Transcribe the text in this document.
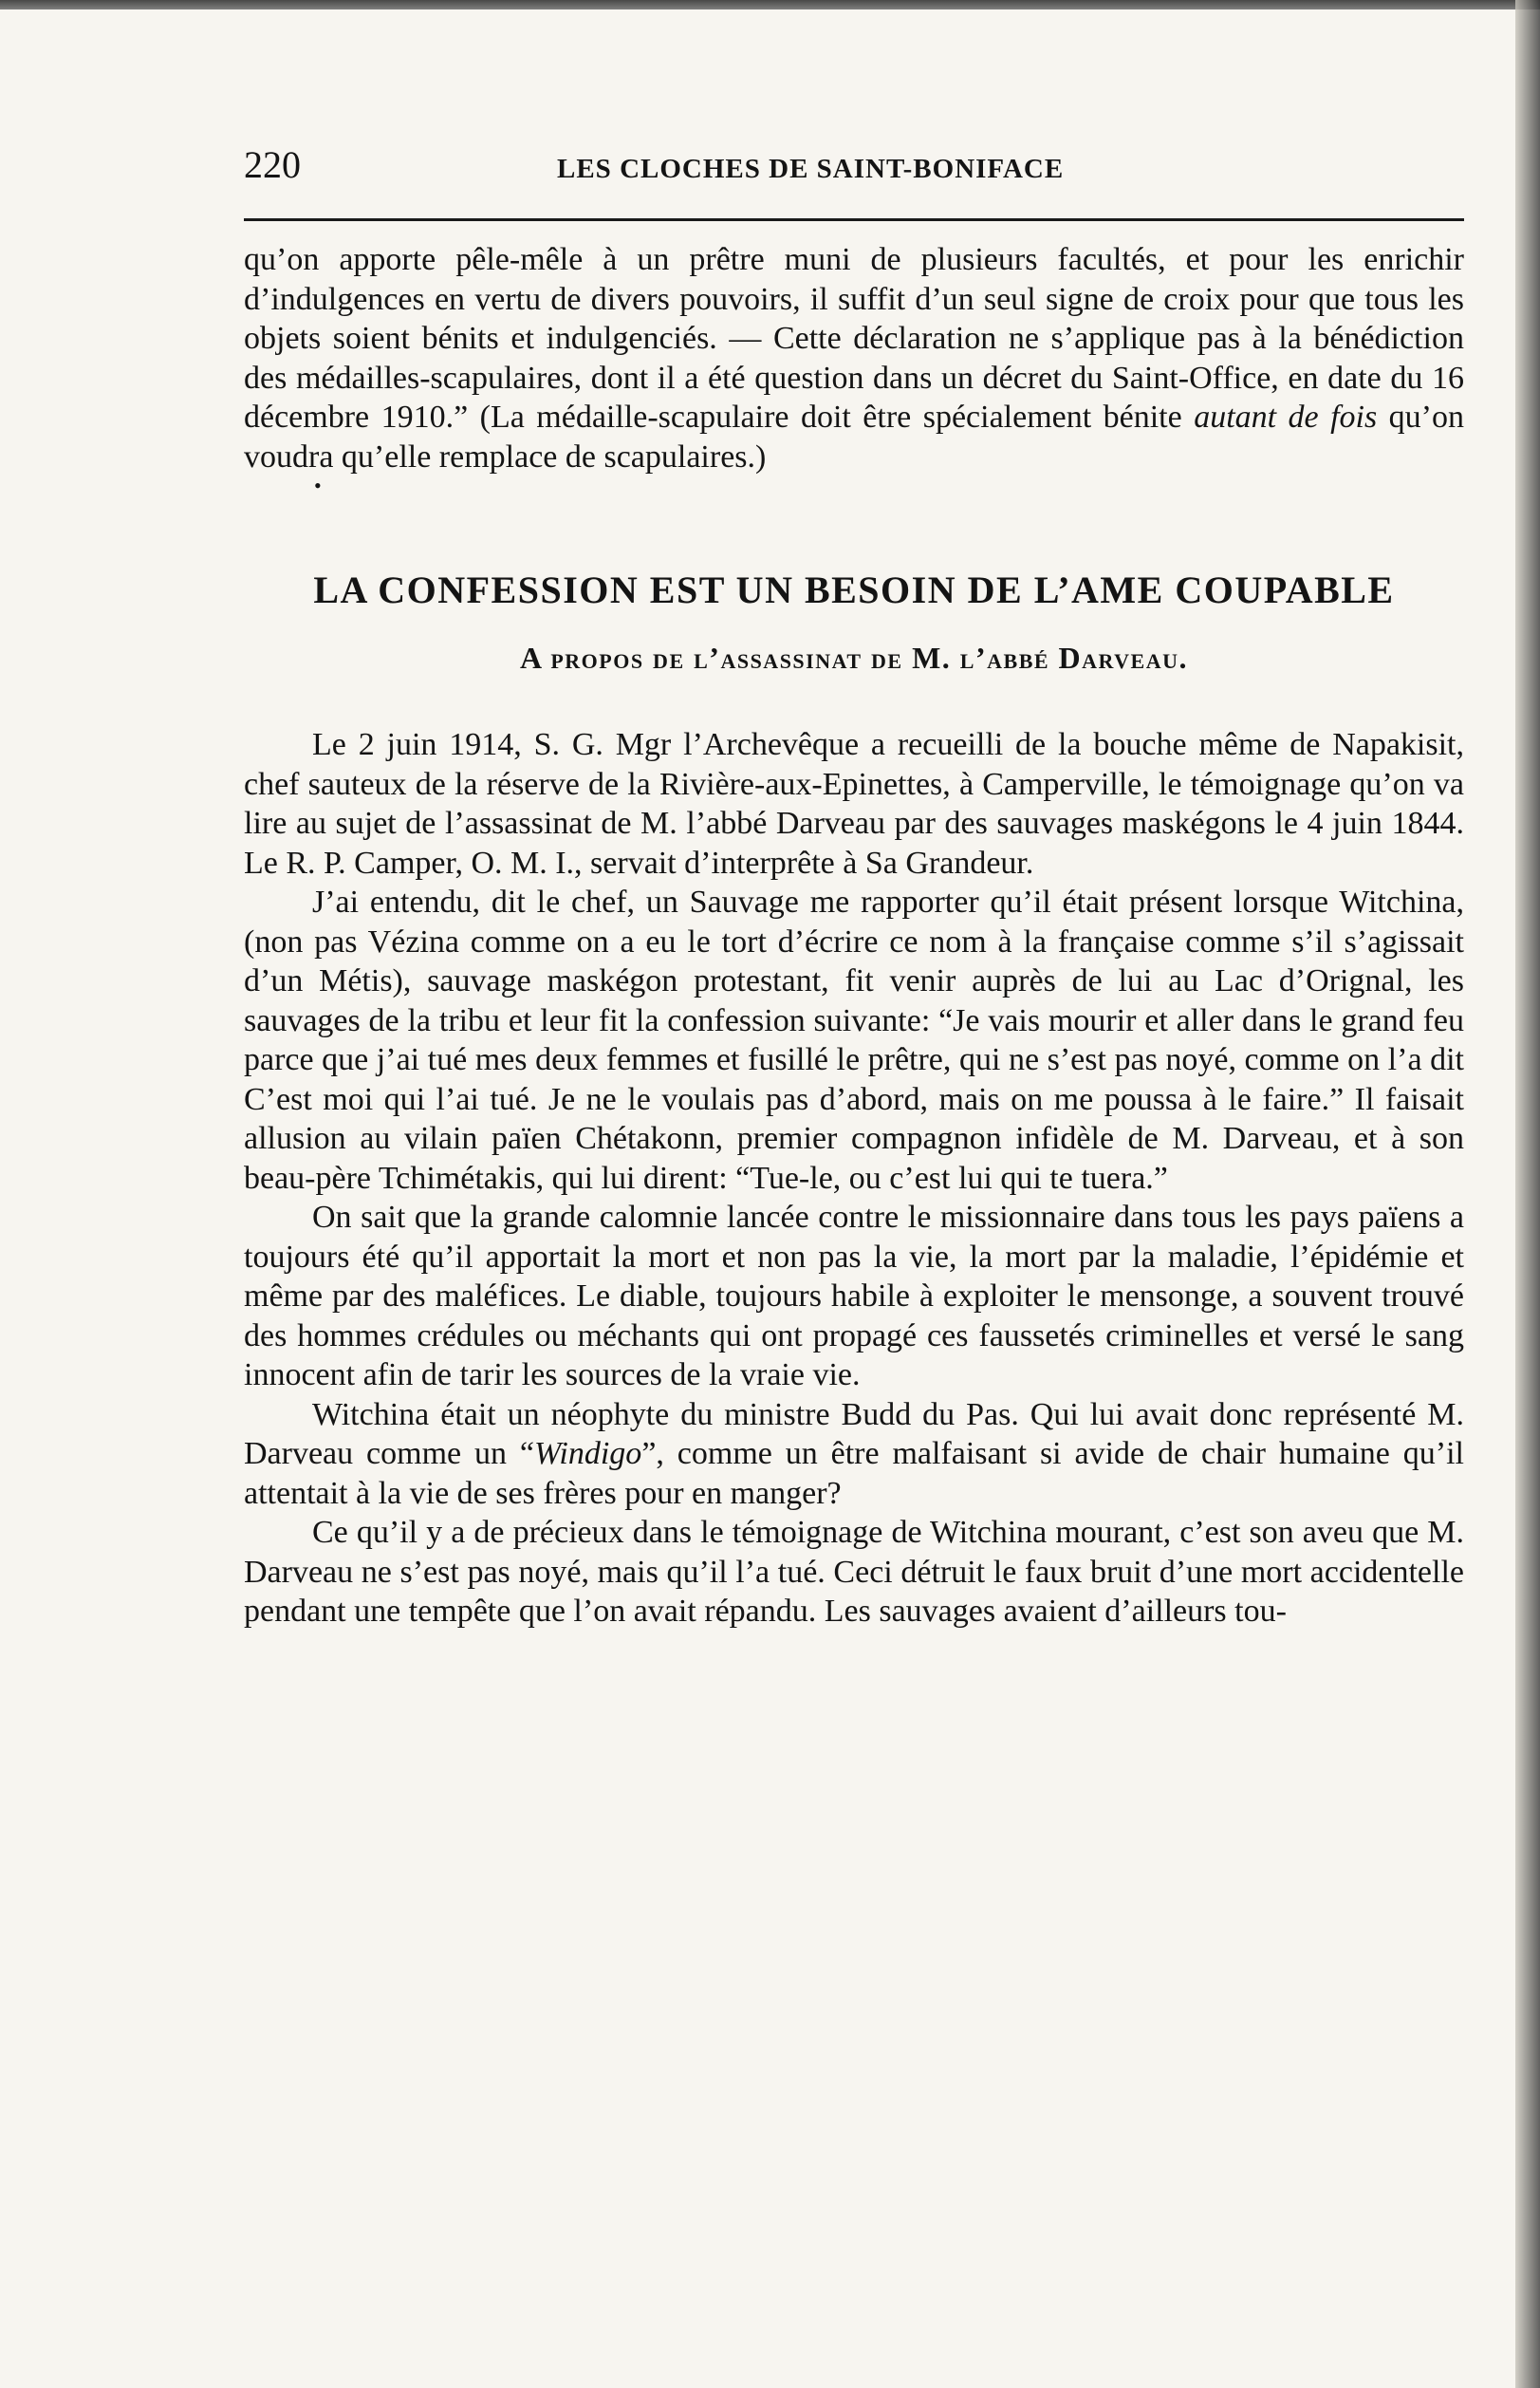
220	LES CLOCHES DE SAINT-BONIFACE

qu’on apporte pêle-mêle à un prêtre muni de plusieurs facultés, et pour les enrichir d’indulgences en vertu de divers pouvoirs, il suffit d’un seul signe de croix pour que tous les objets soient bénits et indulgenciés. — Cette déclaration ne s’applique pas à la bénédiction des médailles-scapulaires, dont il a été question dans un décret du Saint-Office, en date du 16 décembre 1910.” (La médaille-scapulaire doit être spécialement bénite autant de fois qu’on voudra qu’elle remplace de scapulaires.)

•
LA CONFESSION EST UN BESOIN DE L’AME COUPABLE
A propos de l’assassinat de M. l’abbé Darveau.

Le 2 juin 1914, S. G. Mgr l’Archevêque a recueilli de la bouche même de Napakisit, chef sauteux de la réserve de la Rivière-aux-Epinettes, à Camperville, le témoignage qu’on va lire au sujet de l’assassinat de M. l’abbé Darveau par des sauvages maskégons le 4 juin 1844. Le R. P. Camper, O. M. I., servait d’interprête à Sa Grandeur.

J’ai entendu, dit le chef, un Sauvage me rapporter qu’il était présent lorsque Witchina, (non pas Vézina comme on a eu le tort d’écrire ce nom à la française comme s’il s’agissait d’un Métis), sauvage maskégon protestant, fit venir auprès de lui au Lac d’Orignal, les sauvages de la tribu et leur fit la confession suivante: “Je vais mourir et aller dans le grand feu parce que j’ai tué mes deux femmes et fusillé le prêtre, qui ne s’est pas noyé, comme on l’a dit C’est moi qui l’ai tué. Je ne le voulais pas d’abord, mais on me poussa à le faire.” Il faisait allusion au vilain païen Chétakonn, premier compagnon infidèle de M. Darveau, et à son beau-père Tchimétakis, qui lui dirent: “Tue-le, ou c’est lui qui te tuera.”

On sait que la grande calomnie lancée contre le missionnaire dans tous les pays païens a toujours été qu’il apportait la mort et non pas la vie, la mort par la maladie, l’épidémie et même par des maléfices. Le diable, toujours habile à exploiter le mensonge, a souvent trouvé des hommes crédules ou méchants qui ont propagé ces faussetés criminelles et versé le sang innocent afin de tarir les sources de la vraie vie.

Witchina était un néophyte du ministre Budd du Pas. Qui lui avait donc représenté M. Darveau comme un “Windigo”, comme un être malfaisant si avide de chair humaine qu’il attentait à la vie de ses frères pour en manger?

Ce qu’il y a de précieux dans le témoignage de Witchina mourant, c’est son aveu que M. Darveau ne s’est pas noyé, mais qu’il l’a tué. Ceci détruit le faux bruit d’une mort accidentelle pendant une tempête que l’on avait répandu. Les sauvages avaient d’ailleurs tou-
